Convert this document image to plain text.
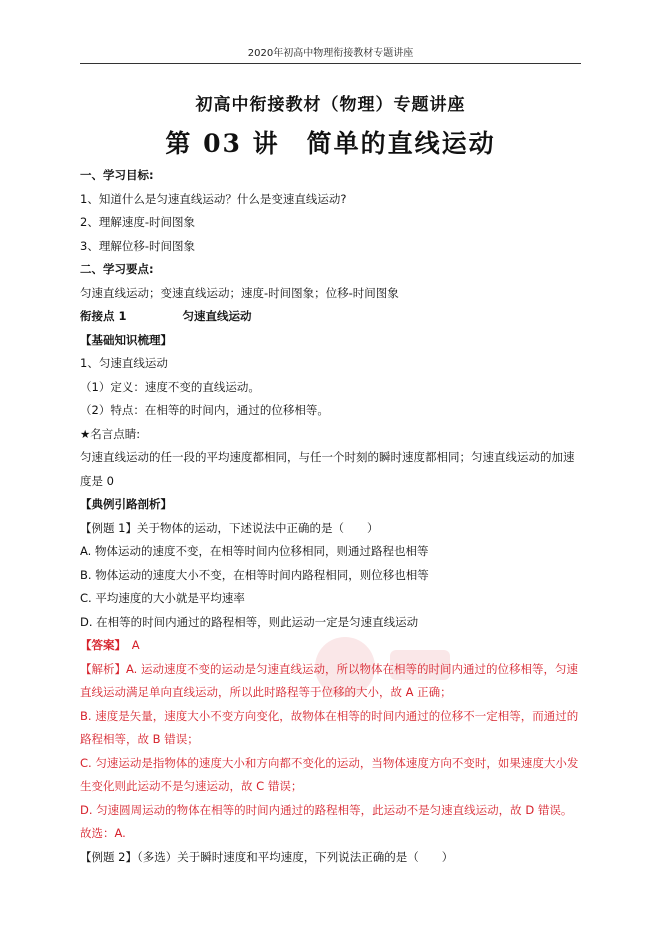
2020年初高中物理衔接教材专题讲座
初高中衔接教材（物理）专题讲座
第 03 讲　简单的直线运动
一、学习目标:
1、知道什么是匀速直线运动？什么是变速直线运动?
2、理解速度-时间图象
3、理解位移-时间图象
二、学习要点:
匀速直线运动；变速直线运动；速度-时间图象；位移-时间图象
衔接点 1	匀速直线运动
【基础知识梳理】
1、匀速直线运动
（1）定义：速度不变的直线运动。
（2）特点：在相等的时间内，通过的位移相等。
★名言点睛:
匀速直线运动的任一段的平均速度都相同，与任一个时刻的瞬时速度都相同；匀速直线运动的加速
度是 0
【典例引路剖析】
【例题 1】关于物体的运动，下述说法中正确的是（　　）
A. 物体运动的速度不变，在相等时间内位移相同，则通过路程也相等
B. 物体运动的速度大小不变，在相等时间内路程相同，则位移也相等
C. 平均速度的大小就是平均速率
D. 在相等的时间内通过的路程相等，则此运动一定是匀速直线运动
【答案】　 A
【解析】A. 运动速度不变的运动是匀速直线运动，所以物体在相等的时间内通过的位移相等，匀速
直线运动满足单向直线运动，所以此时路程等于位移的大小，故 A 正确；
B. 速度是矢量，速度大小不变方向变化，故物体在相等的时间内通过的位移不一定相等，而通过的
路程相等，故 B 错误；
C. 匀速运动是指物体的速度大小和方向都不变化的运动，当物体速度方向不变时，如果速度大小发
生变化则此运动不是匀速运动，故 C 错误；
D. 匀速圆周运动的物体在相等的时间内通过的路程相等，此运动不是匀速直线运动，故 D 错误。
故选：A.
【例题 2】（多选）关于瞬时速度和平均速度，下列说法正确的是（　　）
